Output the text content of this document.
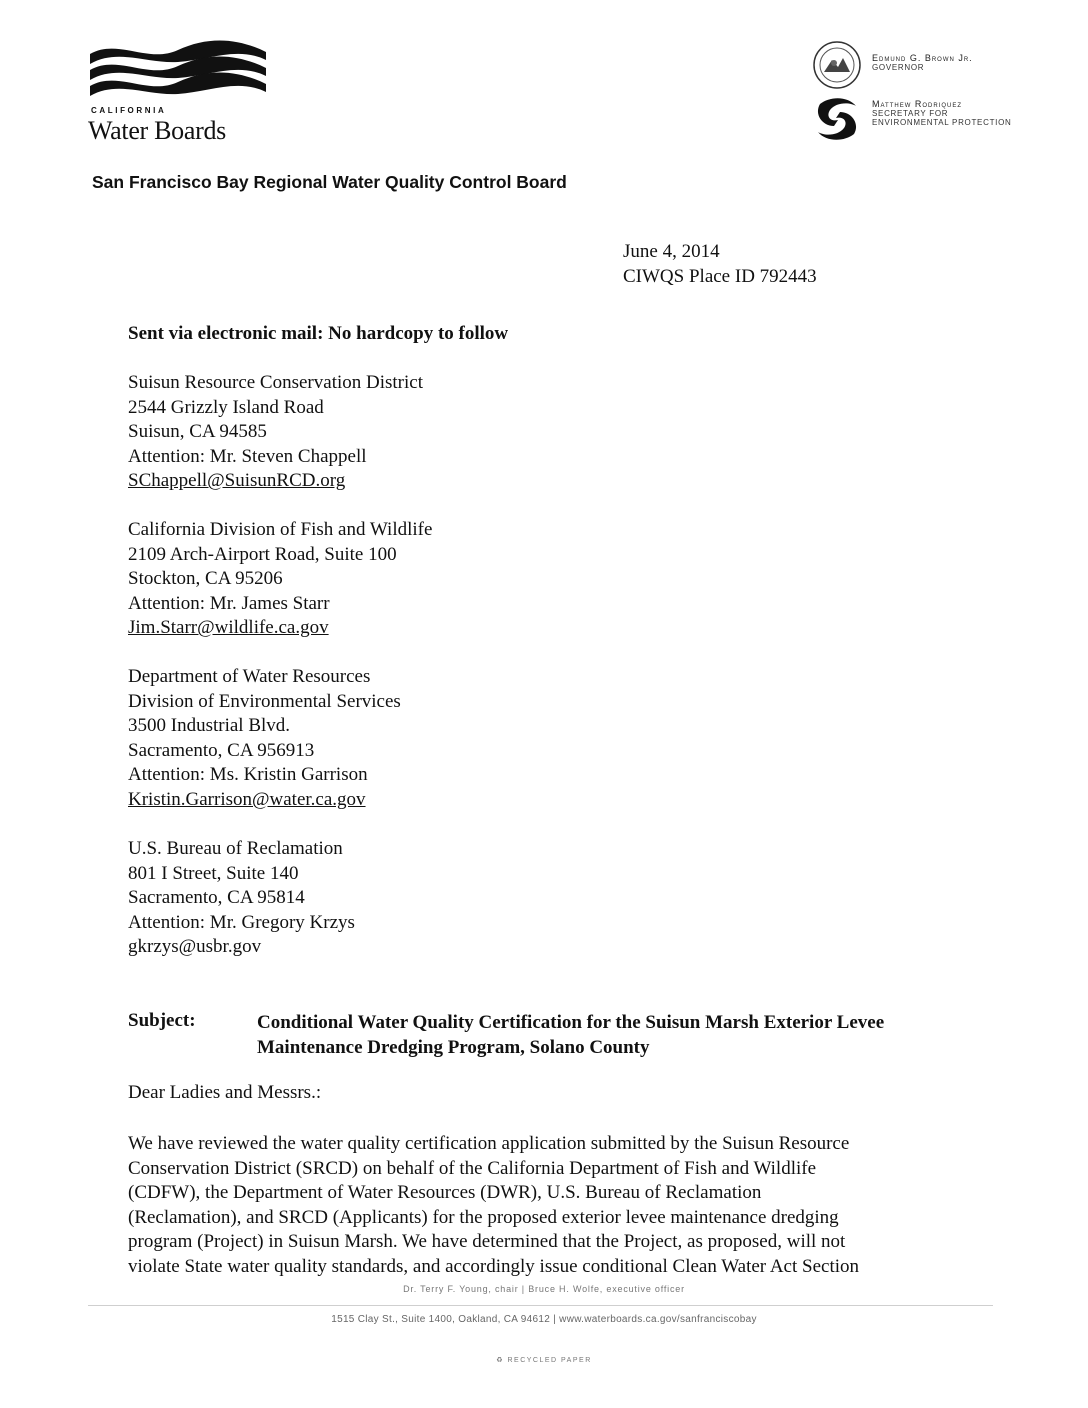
CALIFORNIA
Water Boards
Edmund G. Brown Jr.
GOVERNOR
Matthew Rodriquez
SECRETARY FOR
ENVIRONMENTAL PROTECTION
San Francisco Bay Regional Water Quality Control Board
June 4, 2014
CIWQS Place ID 792443
Sent via electronic mail: No hardcopy to follow
Suisun Resource Conservation District
2544 Grizzly Island Road
Suisun, CA 94585
Attention: Mr. Steven Chappell
SChappell@SuisunRCD.org
California Division of Fish and Wildlife
2109 Arch-Airport Road, Suite 100
Stockton, CA 95206
Attention: Mr. James Starr
Jim.Starr@wildlife.ca.gov
Department of Water Resources
Division of Environmental Services
3500 Industrial Blvd.
Sacramento, CA 956913
Attention: Ms. Kristin Garrison
Kristin.Garrison@water.ca.gov
U.S. Bureau of Reclamation
801 I Street, Suite 140
Sacramento, CA 95814
Attention: Mr. Gregory Krzys
gkrzys@usbr.gov
Subject:	Conditional Water Quality Certification for the Suisun Marsh Exterior Levee Maintenance Dredging Program, Solano County
Dear Ladies and Messrs.:
We have reviewed the water quality certification application submitted by the Suisun Resource
Conservation District (SRCD) on behalf of the California Department of Fish and Wildlife
(CDFW), the Department of Water Resources (DWR), U.S. Bureau of Reclamation
(Reclamation), and SRCD (Applicants) for the proposed exterior levee maintenance dredging
program (Project) in Suisun Marsh. We have determined that the Project, as proposed, will not
violate State water quality standards, and accordingly issue conditional Clean Water Act Section
Dr. Terry F. Young, chair | Bruce H. Wolfe, executive officer
1515 Clay St., Suite 1400, Oakland, CA 94612 | www.waterboards.ca.gov/sanfranciscobay
♻ RECYCLED PAPER
